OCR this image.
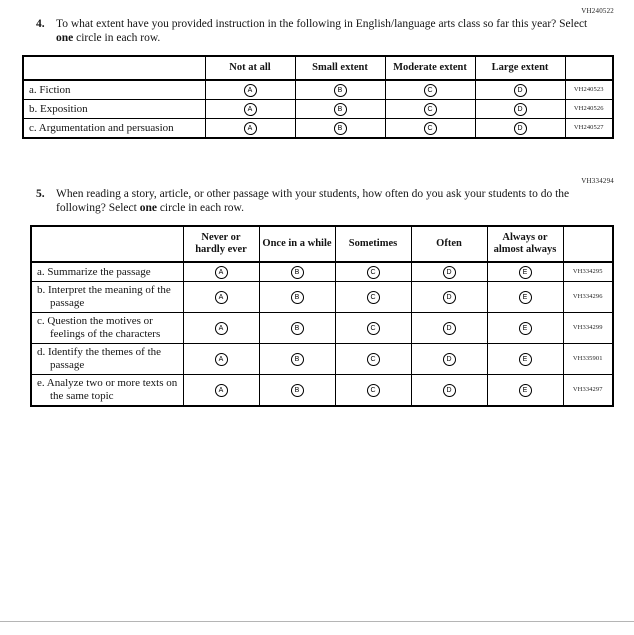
VH240522
4. To what extent have you provided instruction in the following in English/language arts class so far this year? Select one circle in each row.
	Not at all	Small extent	Moderate extent	Large extent	

a. Fiction	A	B	C	D	VH240523

b. Exposition	A	B	C	D	VH240526

c. Argumentation and persuasion	A	B	C	D	VH240527
VH334294
5. When reading a story, article, or other passage with your students, how often do you ask your students to do the following? Select one circle in each row.
	Never or hardly ever	Once in a while	Sometimes	Often	Always or almost always	

a. Summarize the passage	A	B	C	D	E	VH334295

b. Interpret the meaning of the passage	A	B	C	D	E	VH334296

c. Question the motives or feelings of the characters	A	B	C	D	E	VH334299

d. Identify the themes of the passage	A	B	C	D	E	VH335901

e. Analyze two or more texts on the same topic	A	B	C	D	E	VH334297
